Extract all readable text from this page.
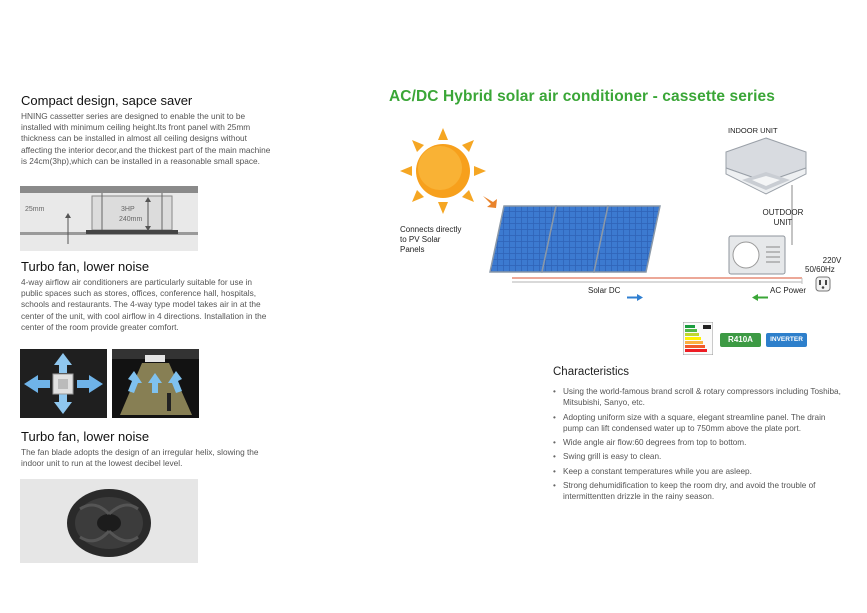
Compact design, sapce saver
HNING cassetter series are designed to enable the unit to be installed with minimum ceiling height.Its front panel with 25mm thickness can be installed in almost all ceiling designs without affecting the interior decor,and the thickest part of the main machine is 24cm(3hp),which can be installed in a reasonable small space.
25mm	3HP
240mm
Turbo fan, lower noise
4-way airflow air conditioners are particularly suitable for use in public spaces such as stores, offices, conference hall, hospitals, schools and restaurants. The 4-way type model takes air in at the center of the unit, with cool airflow in 4 directions. Installation in the center of the room provide greater comfort.
Turbo fan, lower noise
The fan blade adopts the design of an irregular helix, slowing the indoor unit to run at the lowest decibel level.
AC/DC Hybrid solar air conditioner - cassette series
Connects directly
to PV Solar
Panels
INDOOR UNIT
OUTDOOR
UNIT
220V
50/60Hz
Solar DC	AC Power
R410A	INVERTER
Characteristics
• Using the world-famous brand scroll & rotary compressors including Toshiba, Mitsubishi, Sanyo, etc.
• Adopting uniform size with a square, elegant streamline panel. The drain pump can lift condensed water up to 750mm above the plate port.
• Wide angle air flow:60 degrees from top to bottom.
• Swing grill is easy to clean.
• Keep a constant temperatures while you are asleep.
• Strong dehumidification to keep the room dry, and avoid the trouble of intermittentten drizzle in the rainy season.
